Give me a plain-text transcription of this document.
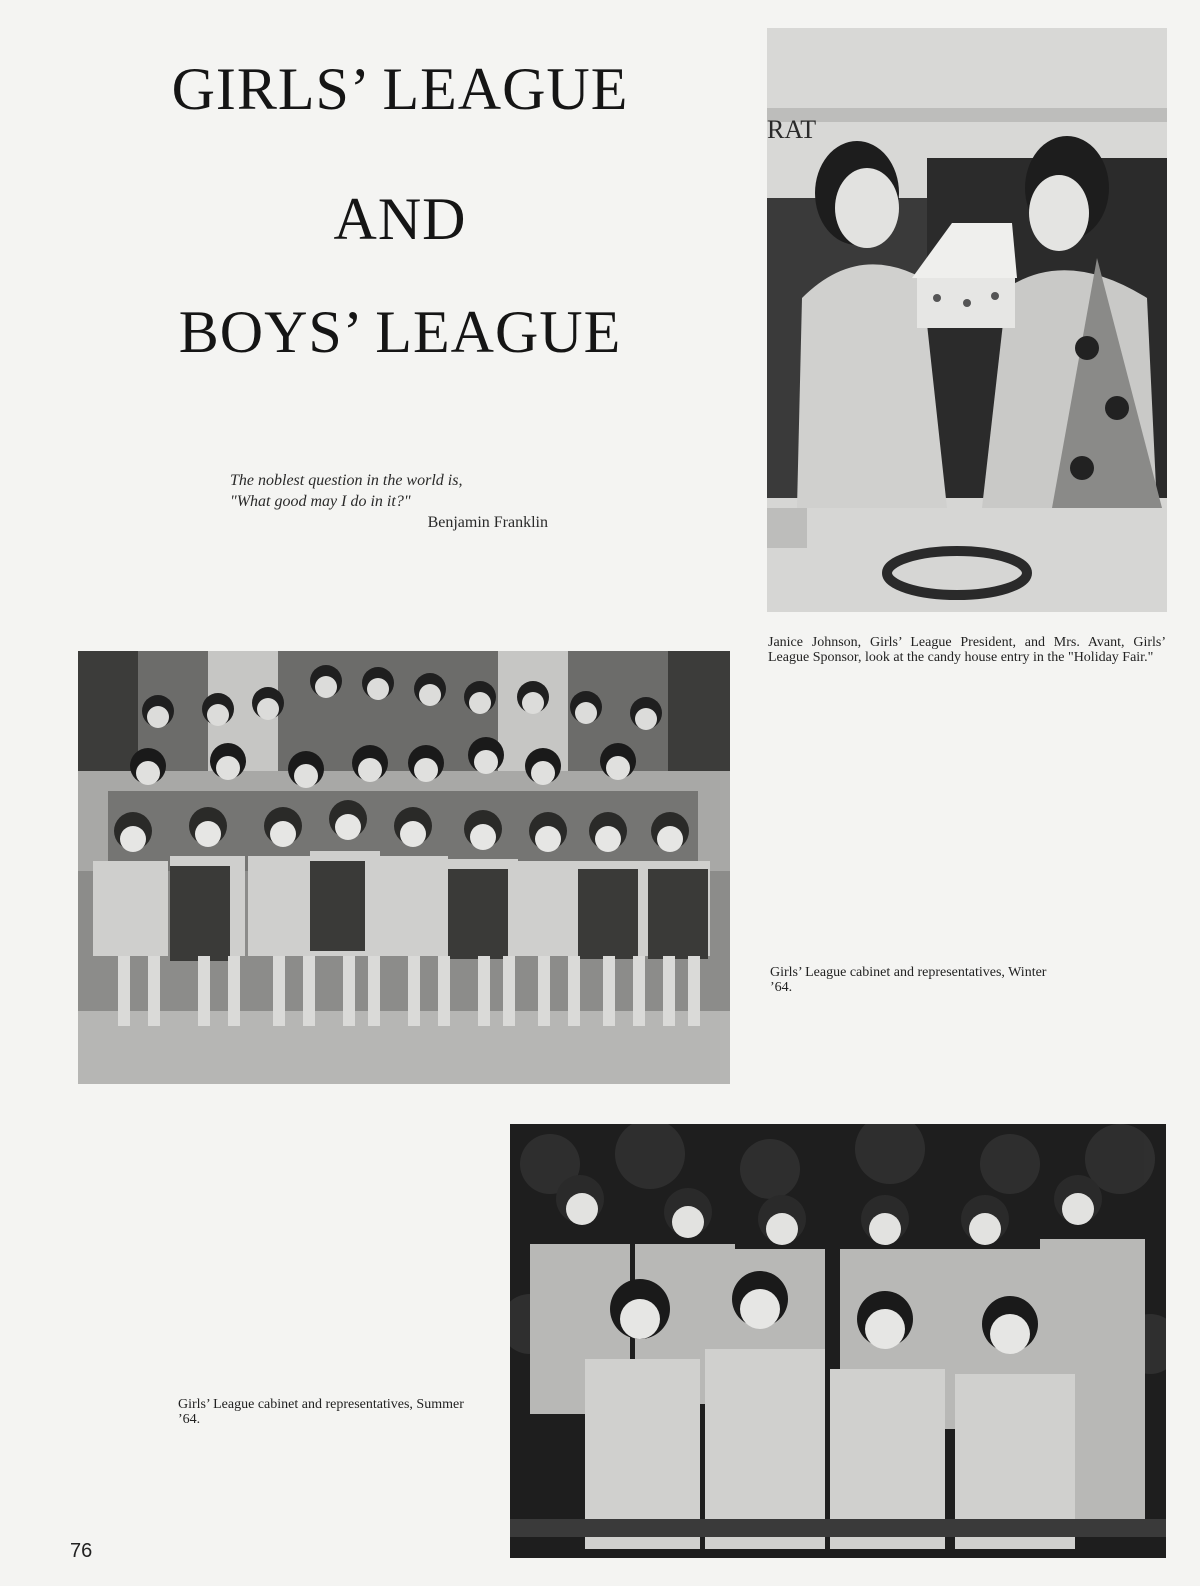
GIRLS’ LEAGUE
AND
BOYS’ LEAGUE
The noblest question in the world is,
"What good may I do in it?"
Benjamin Franklin
RAT
Janice Johnson, Girls’ League President, and Mrs. Avant, Girls’ League Sponsor, look at the candy house entry in the "Holiday Fair."
Girls’ League cabinet and representatives, Winter ’64.
Girls’ League cabinet and representatives, Summer ’64.
76
